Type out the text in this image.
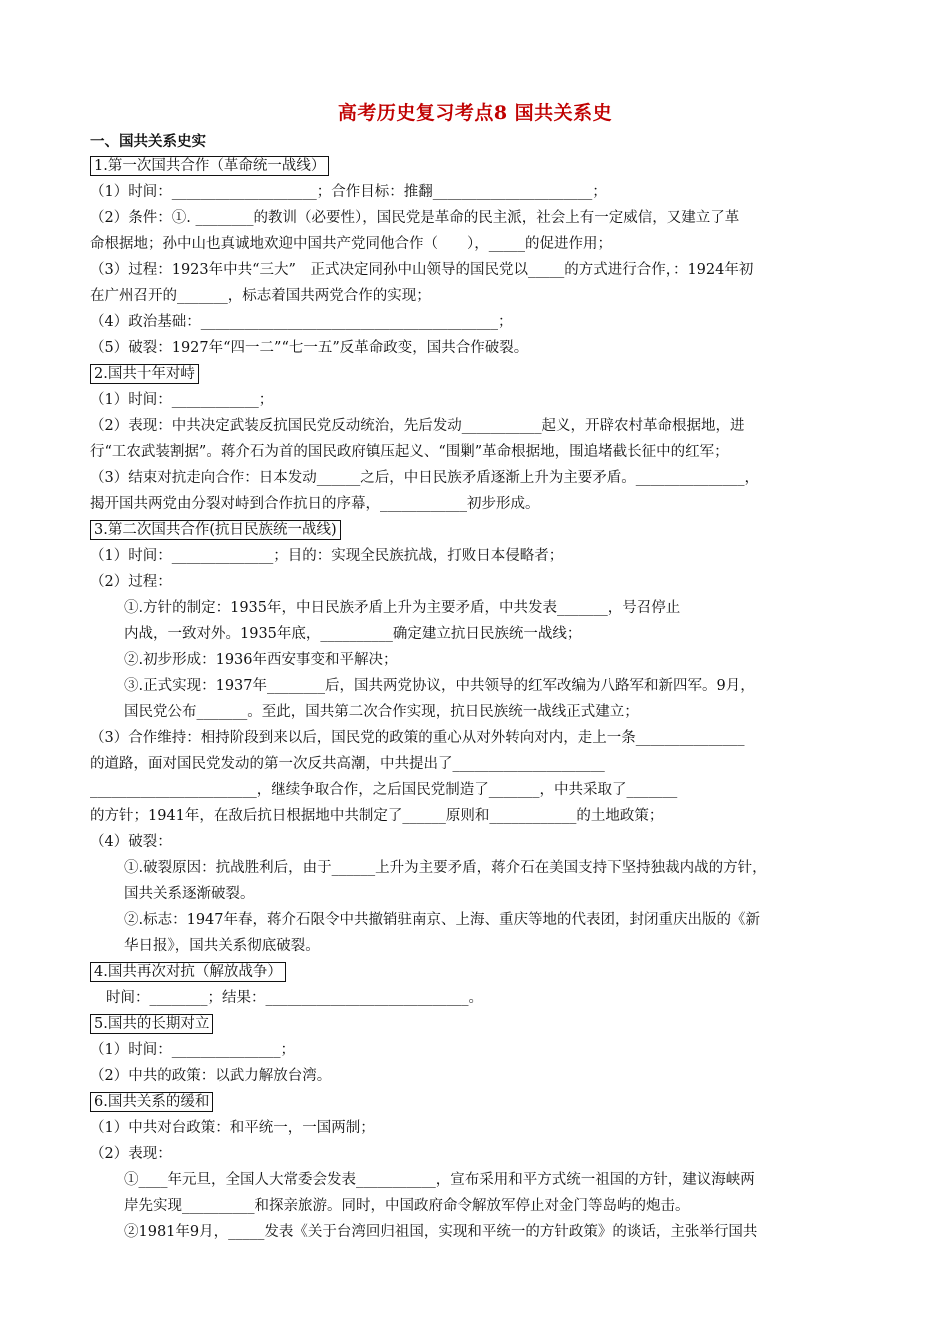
高考历史复习考点8 国共关系史
一、国共关系史实
1.第一次国共合作（革命统一战线）
（1）时间：____________________；合作目标：推翻______________________；
（2）条件：①. ________的教训（必要性），国民党是革命的民主派，社会上有一定威信，又建立了革
命根据地；孙中山也真诚地欢迎中国共产党同他合作（　　），_____的促进作用；
（3）过程：1923年中共“三大”　正式决定同孙中山领导的国民党以_____的方式进行合作，：1924年初
在广州召开的_______，标志着国共两党合作的实现；
（4）政治基础：_________________________________________；
（5）破裂：1927年“四一二”“七一五”反革命政变，国共合作破裂。
2.国共十年对峙
（1）时间：____________；
（2）表现：中共决定武装反抗国民党反动统治，先后发动___________起义，开辟农村革命根据地，进
行“工农武装割据”。蒋介石为首的国民政府镇压起义、“围剿”革命根据地，围追堵截长征中的红军；
（3）结束对抗走向合作：日本发动______之后，中日民族矛盾逐渐上升为主要矛盾。_______________，
揭开国共两党由分裂对峙到合作抗日的序幕，____________初步形成。
3.第二次国共合作(抗日民族统一战线)
（1）时间：______________；目的：实现全民族抗战，打败日本侵略者；
（2）过程：
①.方针的制定：1935年，中日民族矛盾上升为主要矛盾，中共发表_______，号召停止
内战，一致对外。1935年底，__________确定建立抗日民族统一战线；
②.初步形成：1936年西安事变和平解决；
③.正式实现：1937年________后，国共两党协议，中共领导的红军改编为八路军和新四军。9月，
国民党公布_______。至此，国共第二次合作实现，抗日民族统一战线正式建立；
（3）合作维持：相持阶段到来以后，国民党的政策的重心从对外转向对内，走上一条_______________
的道路，面对国民党发动的第一次反共高潮，中共提出了_____________________
_______________________，继续争取合作，之后国民党制造了_______，中共采取了_______
的方针；1941年，在敌后抗日根据地中共制定了______原则和____________的土地政策；
（4）破裂：
①.破裂原因：抗战胜利后，由于______上升为主要矛盾，蒋介石在美国支持下坚持独裁内战的方针，
国共关系逐渐破裂。
②.标志：1947年春，蒋介石限令中共撤销驻南京、上海、重庆等地的代表团，封闭重庆出版的《新
华日报》，国共关系彻底破裂。
4.国共再次对抗（解放战争）
时间：________；结果：____________________________。
5.国共的长期对立
（1）时间：_______________；
（2）中共的政策：以武力解放台湾。
6.国共关系的缓和
（1）中共对台政策：和平统一，一国两制；
（2）表现：
①____年元旦，全国人大常委会发表___________，宣布采用和平方式统一祖国的方针，建议海峡两
岸先实现__________和探亲旅游。同时，中国政府命令解放军停止对金门等岛屿的炮击。
②1981年9月，_____发表《关于台湾回归祖国，实现和平统一的方针政策》的谈话，主张举行国共
